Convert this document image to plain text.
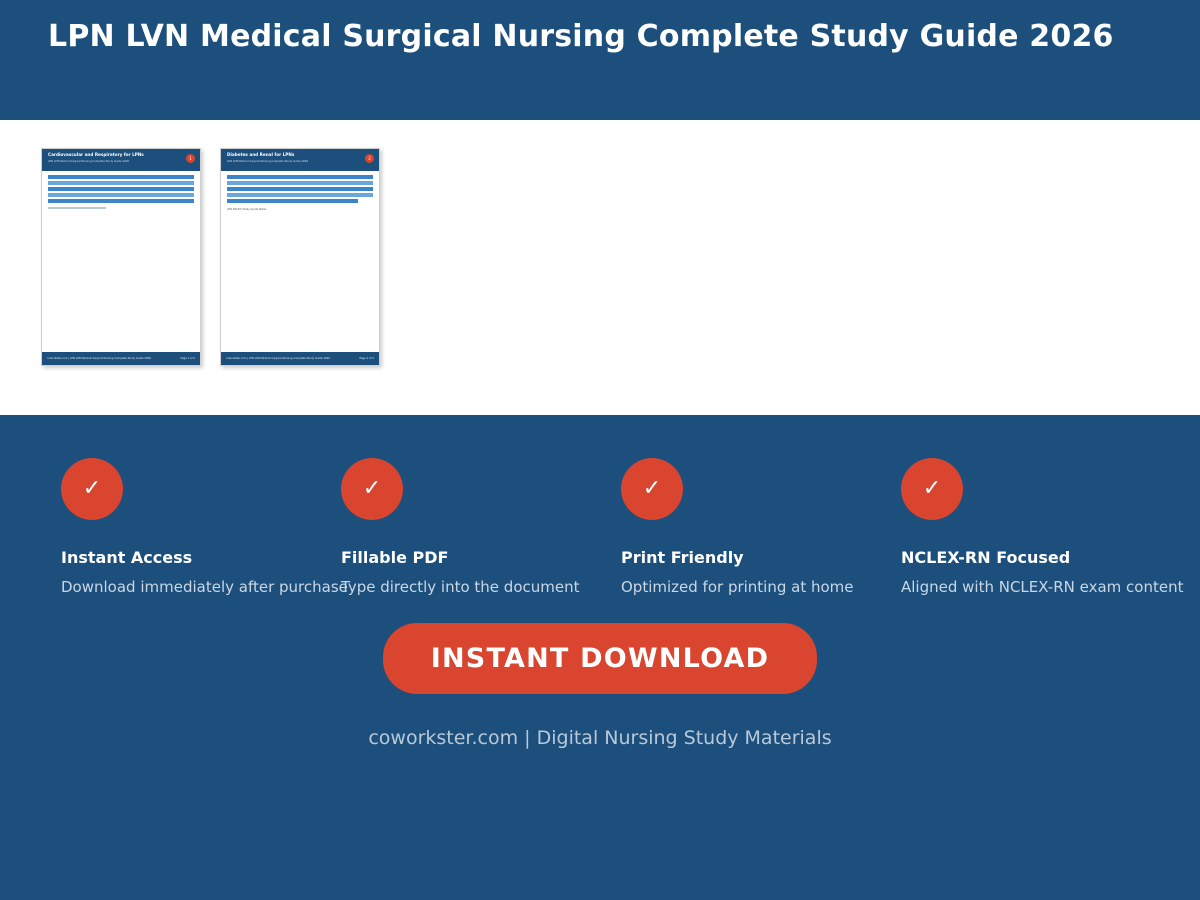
LPN LVN Medical Surgical Nursing Complete Study Guide 2026

Cardiovascular and Respiratory for LPNs

LPN LVN Medical Surgical Nursing Complete Study Guide 2026

1
coworkster.com | LPN LVN Medical Surgical Nursing Complete Study Guide 2026	Page 1 of 2

Diabetes and Renal for LPNs

LPN LVN Medical Surgical Nursing Complete Study Guide 2026

2
LPN NCLEX Study Guide Notes
coworkster.com | LPN LVN Medical Surgical Nursing Complete Study Guide 2026	Page 2 of 2
✓
Instant Access
Download immediately after purchase
✓
Fillable PDF
Type directly into the document
✓
Print Friendly
Optimized for printing at home
✓
NCLEX-RN Focused
Aligned with NCLEX-RN exam content
INSTANT DOWNLOAD
coworkster.com | Digital Nursing Study Materials
